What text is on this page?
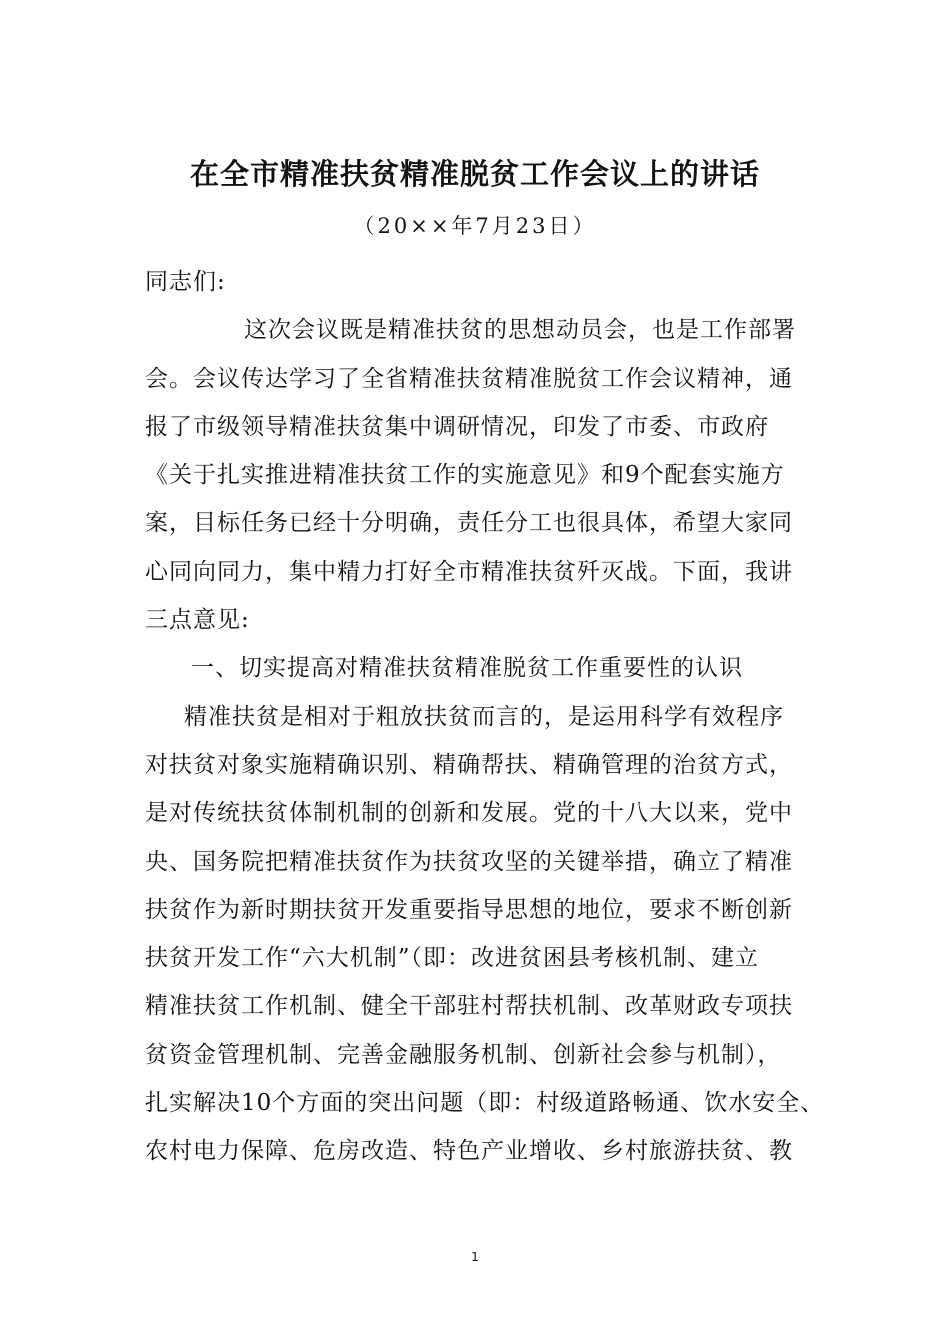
在全市精准扶贫精准脱贫工作会议上的讲话
（20××年7月23日）
同志们:
这次会议既是精准扶贫的思想动员会，也是工作部署
会。会议传达学习了全省精准扶贫精准脱贫工作会议精神，通
报了市级领导精准扶贫集中调研情况，印发了市委、市政府
《关于扎实推进精准扶贫工作的实施意见》和9个配套实施方
案，目标任务已经十分明确，责任分工也很具体，希望大家同
心同向同力，集中精力打好全市精准扶贫歼灭战。下面，我讲
三点意见:
一、切实提高对精准扶贫精准脱贫工作重要性的认识
精准扶贫是相对于粗放扶贫而言的，是运用科学有效程序
对扶贫对象实施精确识别、精确帮扶、精确管理的治贫方式，
是对传统扶贫体制机制的创新和发展。党的十八大以来，党中
央、国务院把精准扶贫作为扶贫攻坚的关键举措，确立了精准
扶贫作为新时期扶贫开发重要指导思想的地位，要求不断创新
扶贫开发工作“六大机制”（即：改进贫困县考核机制、建立
精准扶贫工作机制、健全干部驻村帮扶机制、改革财政专项扶
贫资金管理机制、完善金融服务机制、创新社会参与机制），
扎实解决10个方面的突出问题（即：村级道路畅通、饮水安全、
农村电力保障、危房改造、特色产业增收、乡村旅游扶贫、教
1
